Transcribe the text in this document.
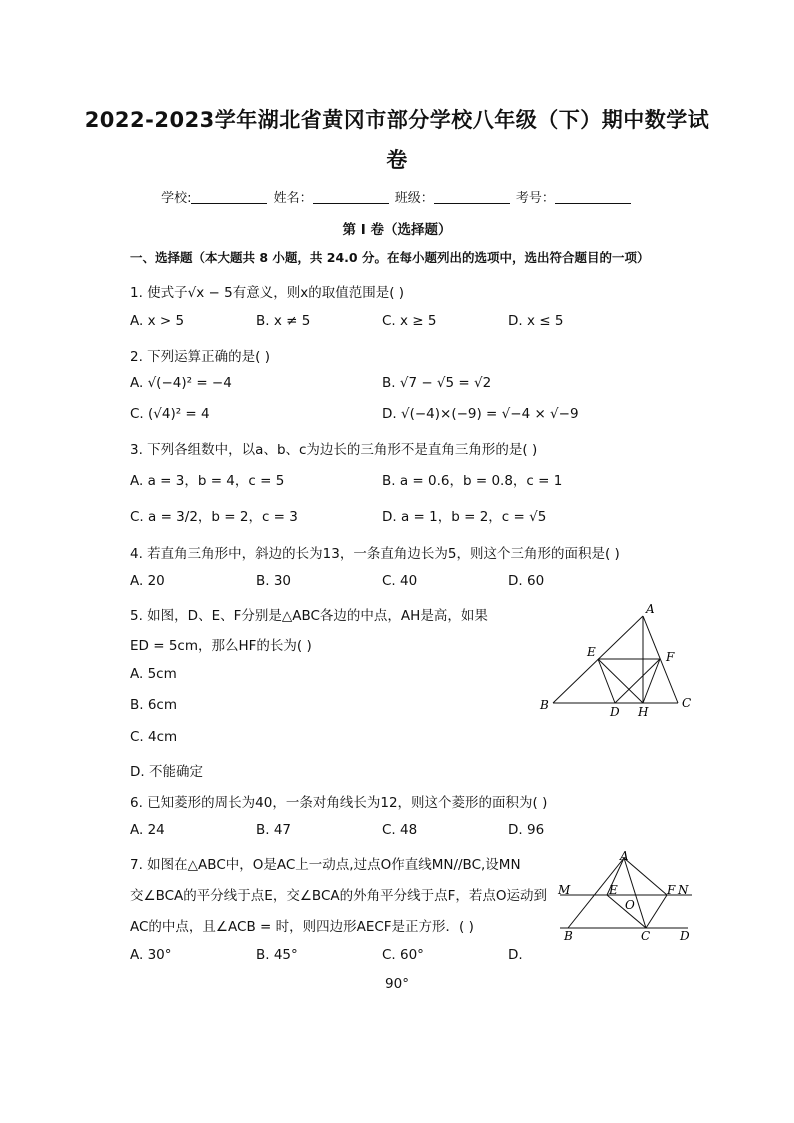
2022-2023学年湖北省黄冈市部分学校八年级（下）期中数学试
卷
学校:	姓名：	班级：	考号：
第 I 卷（选择题）
一、选择题（本大题共 8 小题，共 24.0 分。在每小题列出的选项中，选出符合题目的一项）
1. 使式子√x − 5有意义，则x的取值范围是( )
A. x > 5	B. x ≠ 5	C. x ≥ 5	D. x ≤ 5
2. 下列运算正确的是( )
A. √(−4)² = −4	B. √7 − √5 = √2
C. (√4)² = 4	D. √(−4)×(−9) = √−4 × √−9
3. 下列各组数中，以a、b、c为边长的三角形不是直角三角形的是( )
A. a = 3，b = 4，c = 5	B. a = 0.6，b = 0.8，c = 1
C. a = 3/2，b = 2，c = 3	D. a = 1，b = 2，c = √5
4. 若直角三角形中，斜边的长为13，一条直角边长为5，则这个三角形的面积是( )
A. 20	B. 30	C. 40	D. 60
5. 如图，D、E、F分别是△ABC各边的中点，AH是高，如果
ED = 5cm，那么HF的长为( )
A. 5cm
B. 6cm
C. 4cm
D. 不能确定
A
B	C
D
E	F
H
6. 已知菱形的周长为40，一条对角线长为12，则这个菱形的面积为( )
A. 24	B. 47	C. 48	D. 96
7. 如图在△ABC中，O是AC上一动点,过点O作直线MN//BC,设MN
交∠BCA的平分线于点E，交∠BCA的外角平分线于点F，若点O运动到
AC的中点，且∠ACB = 时，则四边形AECF是正方形．( )
A. 30°	B. 45°	C. 60°	D.
90°
A
B	C D
E	F
M	N
O
